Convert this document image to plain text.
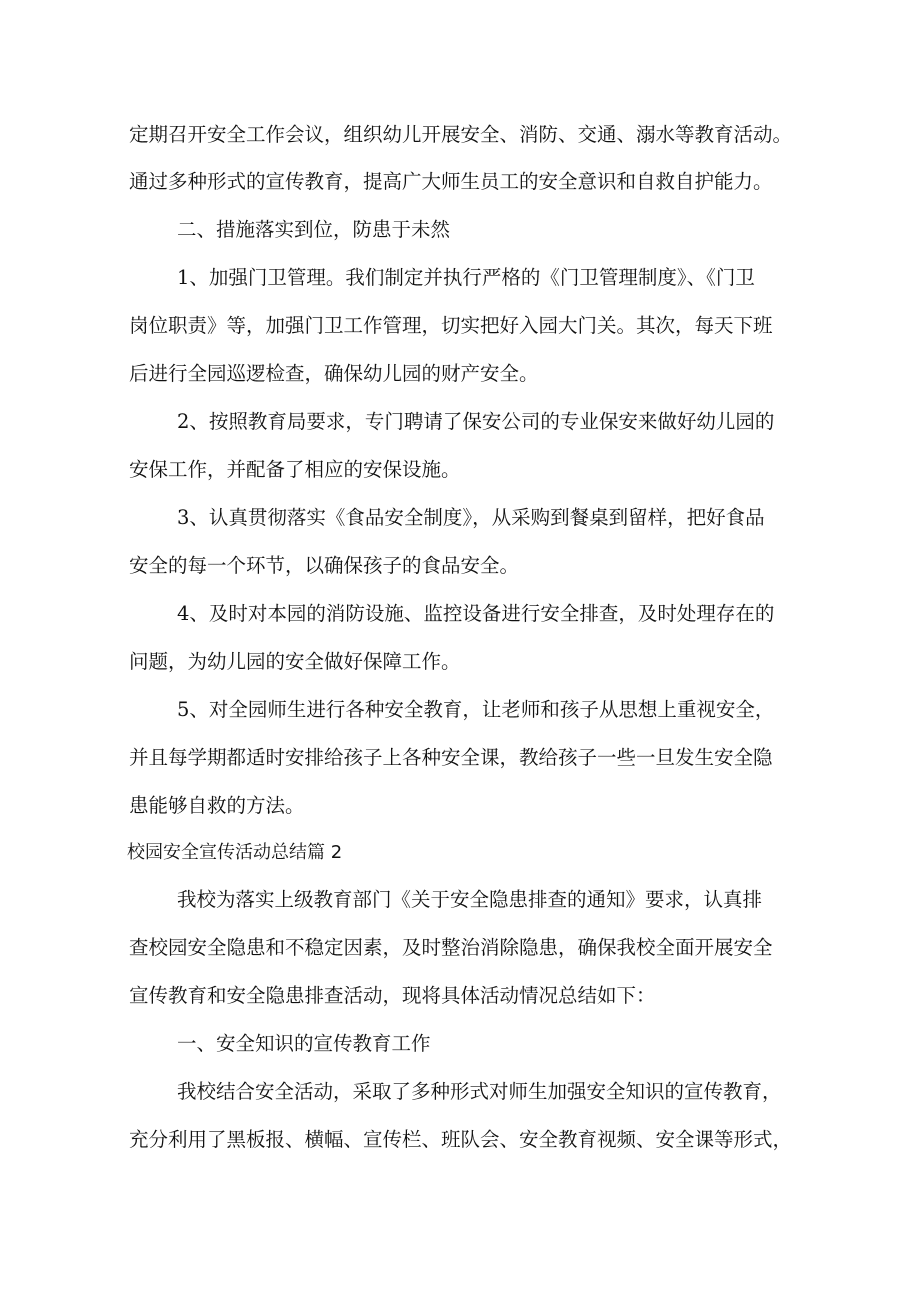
定期召开安全工作会议，组织幼儿开展安全、消防、交通、溺水等教育活动。
通过多种形式的宣传教育，提高广大师生员工的安全意识和自救自护能力。
二、措施落实到位，防患于未然
1、加强门卫管理。我们制定并执行严格的《门卫管理制度》、《门卫
岗位职责》等，加强门卫工作管理，切实把好入园大门关。其次，每天下班
后进行全园巡逻检查，确保幼儿园的财产安全。
2、按照教育局要求，专门聘请了保安公司的专业保安来做好幼儿园的
安保工作，并配备了相应的安保设施。
3、认真贯彻落实《食品安全制度》，从采购到餐桌到留样，把好食品
安全的每一个环节，以确保孩子的食品安全。
4、及时对本园的消防设施、监控设备进行安全排查，及时处理存在的
问题，为幼儿园的安全做好保障工作。
5、对全园师生进行各种安全教育，让老师和孩子从思想上重视安全，
并且每学期都适时安排给孩子上各种安全课，教给孩子一些一旦发生安全隐
患能够自救的方法。
校园安全宣传活动总结篇 2
我校为落实上级教育部门《关于安全隐患排查的通知》要求，认真排
查校园安全隐患和不稳定因素，及时整治消除隐患，确保我校全面开展安全
宣传教育和安全隐患排查活动，现将具体活动情况总结如下：
一、安全知识的宣传教育工作
我校结合安全活动，采取了多种形式对师生加强安全知识的宣传教育，
充分利用了黑板报、横幅、宣传栏、班队会、安全教育视频、安全课等形式，
